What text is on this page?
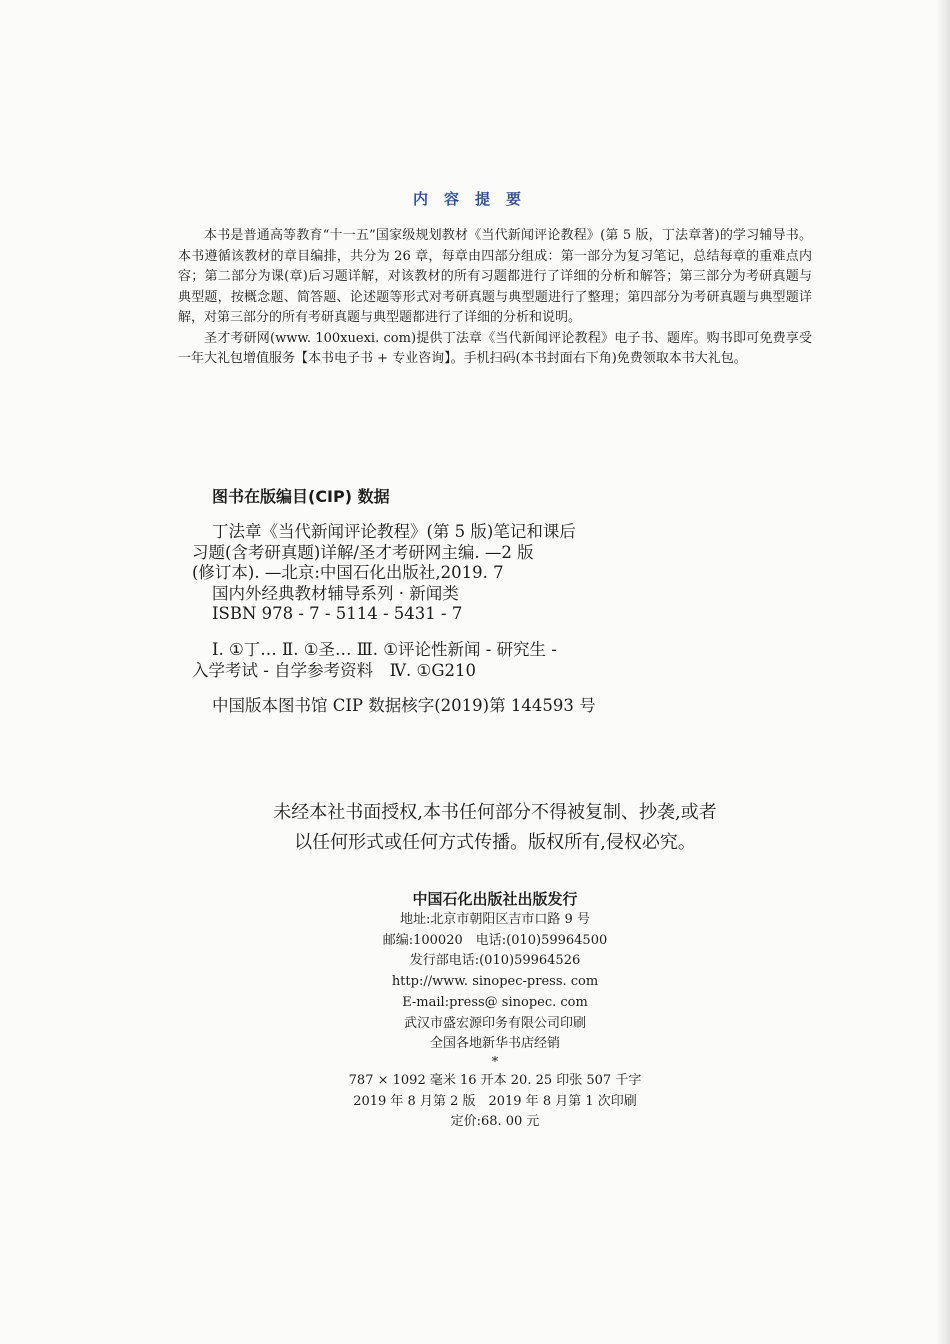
内容提要

本书是普通高等教育“十一五”国家级规划教材《当代新闻评论教程》(第 5 版，丁法章著)的学习辅导书。本书遵循该教材的章目编排，共分为 26 章，每章由四部分组成：第一部分为复习笔记，总结每章的重难点内容；第二部分为课(章)后习题详解，对该教材的所有习题都进行了详细的分析和解答；第三部分为考研真题与典型题，按概念题、简答题、论述题等形式对考研真题与典型题进行了整理；第四部分为考研真题与典型题详解，对第三部分的所有考研真题与典型题都进行了详细的分析和说明。

圣才考研网(www. 100xuexi. com)提供丁法章《当代新闻评论教程》电子书、题库。购书即可免费享受一年大礼包增值服务【本书电子书 + 专业咨询】。手机扫码(本书封面右下角)免费领取本书大礼包。

图书在版编目(CIP) 数据

丁法章《当代新闻评论教程》(第 5 版)笔记和课后

习题(含考研真题)详解/圣才考研网主编. —2 版

(修订本). —北京:中国石化出版社,2019. 7

国内外经典教材辅导系列 · 新闻类

ISBN 978 - 7 - 5114 - 5431 - 7

Ⅰ. ①丁… Ⅱ. ①圣… Ⅲ. ①评论性新闻 - 研究生 -

入学考试 - 自学参考资料　Ⅳ. ①G210

中国版本图书馆 CIP 数据核字(2019)第 144593 号

未经本社书面授权,本书任何部分不得被复制、抄袭,或者

以任何形式或任何方式传播。版权所有,侵权必究。

中国石化出版社出版发行

地址:北京市朝阳区吉市口路 9 号

邮编:100020　电话:(010)59964500

发行部电话:(010)59964526

http://www. sinopec-press. com

E-mail:press@ sinopec. com

武汉市盛宏源印务有限公司印刷

全国各地新华书店经销

*

787 × 1092 毫米 16 开本 20. 25 印张 507 千字

2019 年 8 月第 2 版　2019 年 8 月第 1 次印刷

定价:68. 00 元
